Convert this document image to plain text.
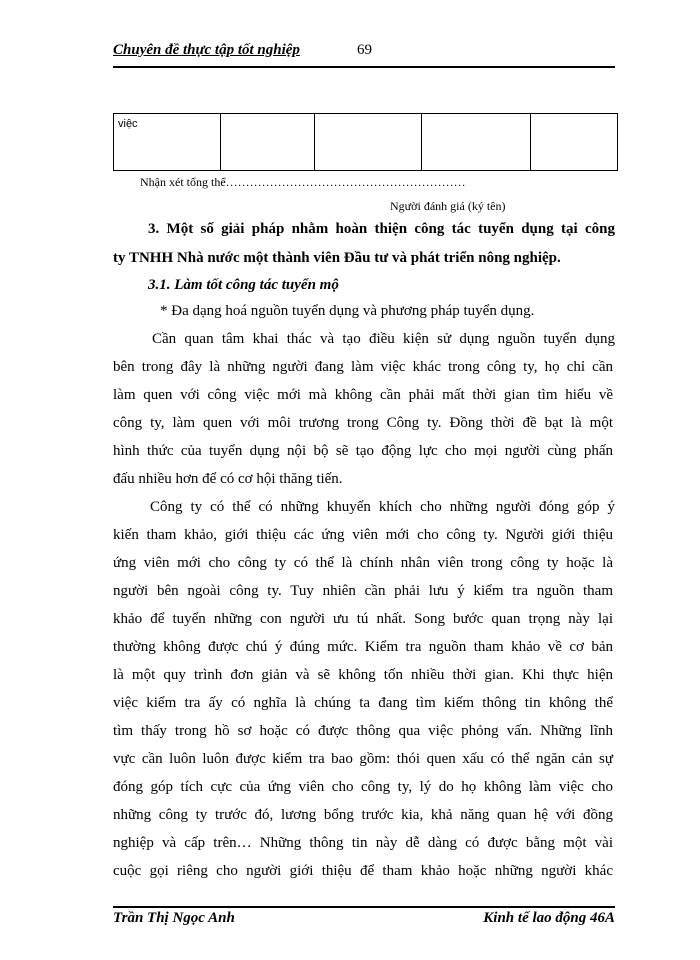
Chuyên đề thực tập tốt nghiệp	69
việc				
Nhận xét tổng thể……………………………………………………
Người đánh giá (ký tên)
3. Một số giải pháp nhằm hoàn thiện công tác tuyển dụng tại công
ty TNHH Nhà nước một thành viên Đầu tư và phát triển nông nghiệp.
3.1. Làm tốt công tác tuyển mộ
* Đa dạng hoá nguồn tuyển dụng và phương pháp tuyển dụng.
Cần quan tâm khai thác và tạo điều kiện sử dụng nguồn tuyển dụng
bên trong đây là những người đang làm việc khác trong công ty, họ chỉ cần
làm quen với công việc mới mà không cần phải mất thời gian tìm hiểu về
công ty, làm quen với môi trương trong Công ty. Đồng thời đề bạt là một
hình thức của tuyển dụng nội bộ sẽ tạo động lực cho mọi người cùng phấn
đấu nhiều hơn để có cơ hội thăng tiến.
Công ty có thể có những khuyến khích cho những người đóng góp ý
kiến tham khảo, giới thiệu các ứng viên mới cho công ty. Người giới thiệu
ứng viên mới cho công ty có thể là chính nhân viên trong công ty hoặc là
người bên ngoài công ty. Tuy nhiên cần phải lưu ý kiểm tra nguồn tham
khảo để tuyển những con người ưu tú nhất. Song bước quan trọng này lại
thường không được chú ý đúng mức. Kiểm tra nguồn tham khảo về cơ bản
là một quy trình đơn giản và sẽ không tốn nhiều thời gian. Khi thực hiện
việc kiểm tra ấy có nghĩa là chúng ta đang tìm kiếm thông tin không thể
tìm thấy trong hồ sơ hoặc có được thông qua việc phỏng vấn. Những lĩnh
vực cần luôn luôn được kiểm tra bao gồm: thói quen xấu có thể ngăn cản sự
đóng góp tích cực của ứng viên cho công ty, lý do họ không làm việc cho
những công ty trước đó, lương bổng trước kia, khả năng quan hệ với đồng
nghiệp và cấp trên… Những thông tin này dễ dàng có được bằng một vài
cuộc gọi riêng cho người giới thiệu để tham khảo hoặc những người khác
Trần Thị Ngọc Anh	Kinh tế lao động 46A
